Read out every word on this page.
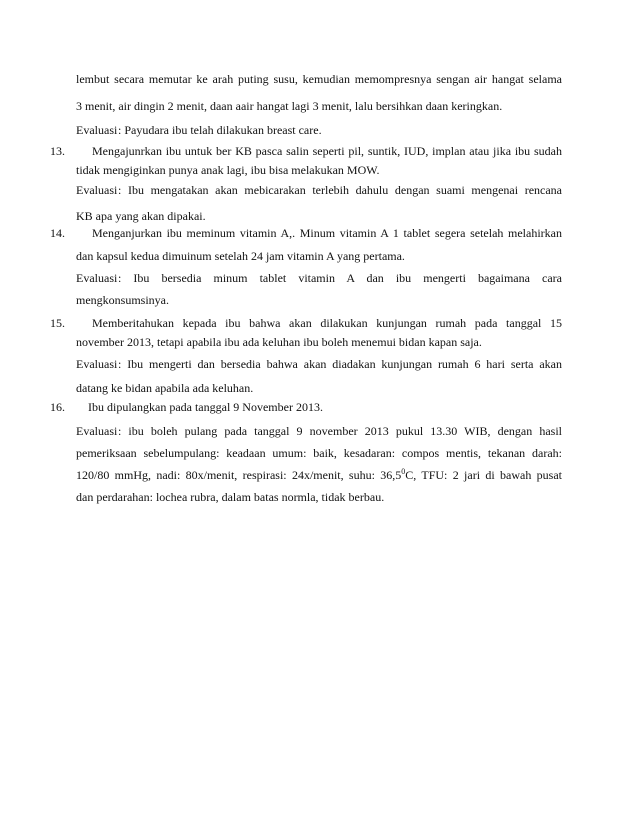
lembut secara memutar ke arah puting susu, kemudian memompresnya sengan air hangat selama
3 menit, air dingin 2 menit, daan aair hangat lagi 3 menit, lalu bersihkan daan keringkan.
Evaluasi : Payudara ibu telah dilakukan breast care.
13.	Mengajunrkan ibu untuk ber KB pasca salin seperti pil, suntik, IUD, implan atau jika ibu sudah
tidak mengiginkan punya anak lagi, ibu bisa melakukan MOW.
Evaluasi : Ibu mengatakan akan mebicarakan terlebih dahulu dengan suami mengenai rencana
KB apa yang akan dipakai.
14.	Menganjurkan ibu meminum vitamin A,. Minum vitamin A 1 tablet segera setelah melahirkan
dan kapsul kedua dimuinum setelah 24 jam vitamin A yang pertama.
Evaluasi : Ibu bersedia minum tablet vitamin A dan ibu mengerti bagaimana cara
mengkonsumsinya.
15.	Memberitahukan kepada ibu bahwa akan dilakukan kunjungan rumah pada tanggal 15
november 2013, tetapi apabila ibu ada keluhan ibu boleh menemui bidan kapan saja.
Evaluasi : Ibu mengerti dan bersedia bahwa akan diadakan kunjungan rumah 6 hari serta akan
datang ke bidan apabila ada keluhan.
16.	Ibu dipulangkan pada tanggal 9 November 2013.
Evaluasi : ibu boleh pulang pada tanggal 9 november 2013 pukul 13.30 WIB, dengan hasil
pemeriksaan sebelumpulang: keadaan umum: baik, kesadaran: compos mentis, tekanan darah:
120/80 mmHg, nadi: 80x/menit, respirasi: 24x/menit, suhu: 36,5$^0$C, TFU: 2 jari di bawah pusat
dan perdarahan: lochea rubra, dalam batas normla, tidak berbau.
